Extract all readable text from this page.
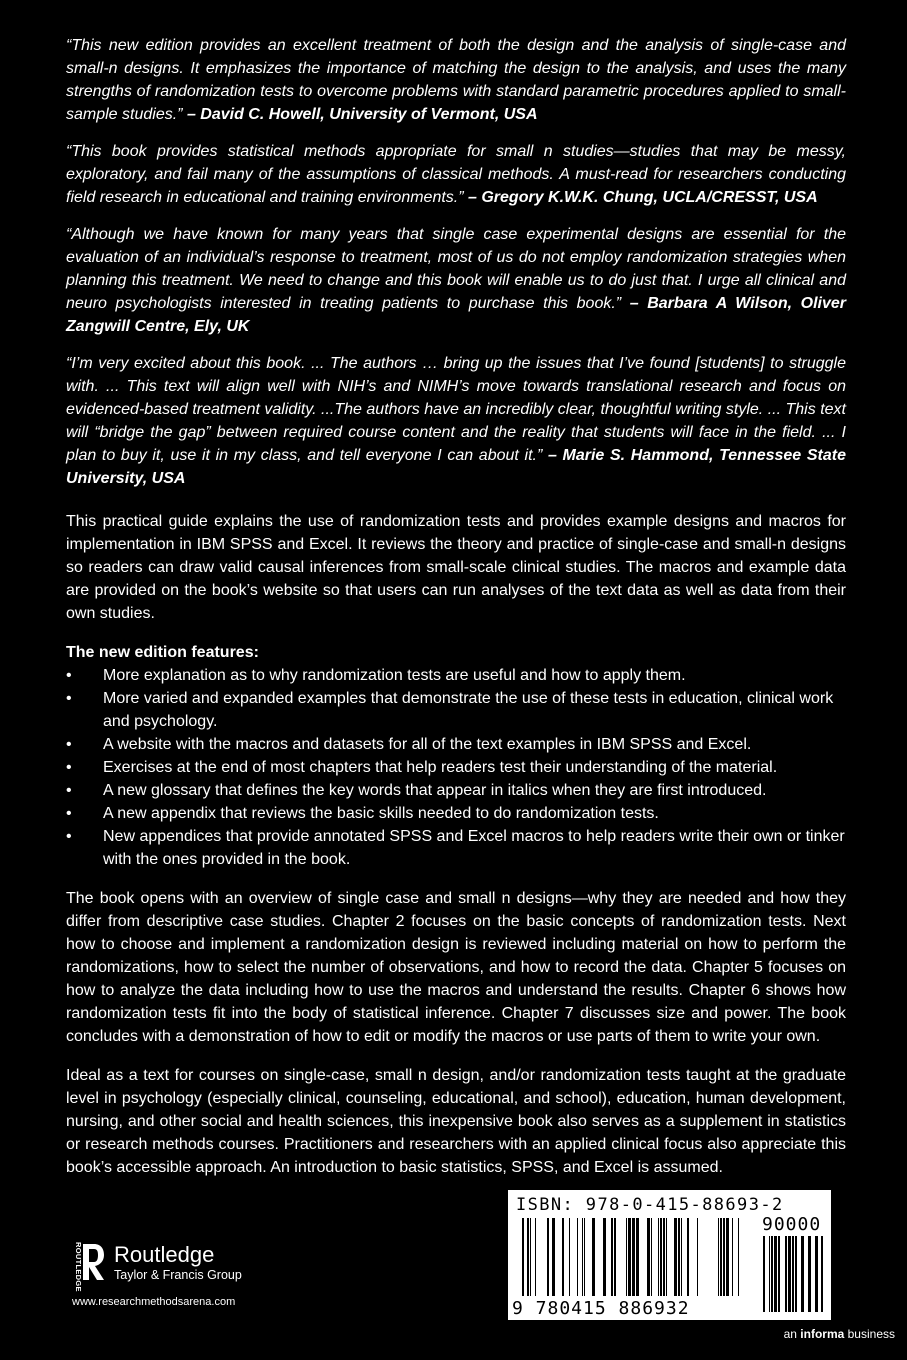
“This new edition provides an excellent treatment of both the design and the analysis of single-case and small-n designs. It emphasizes the importance of matching the design to the analysis, and uses the many strengths of randomization tests to overcome problems with standard parametric procedures applied to small-sample studies.” – David C. Howell, University of Vermont, USA

“This book provides statistical methods appropriate for small n studies—studies that may be messy, exploratory, and fail many of the assumptions of classical methods. A must-read for researchers conducting field research in educational and training environments.” – Gregory K.W.K. Chung, UCLA/CRESST, USA

“Although we have known for many years that single case experimental designs are essential for the evaluation of an individual’s response to treatment, most of us do not employ randomization strategies when planning this treatment. We need to change and this book will enable us to do just that. I urge all clinical and neuro psychologists interested in treating patients to purchase this book.” – Barbara A Wilson, Oliver Zangwill Centre, Ely, UK

“I’m very excited about this book. ... The authors … bring up the issues that I’ve found [students] to struggle with. ... This text will align well with NIH’s and NIMH’s move towards translational research and focus on evidenced-based treatment validity. ...The authors have an incredibly clear, thoughtful writing style. ... This text will “bridge the gap” between required course content and the reality that students will face in the field. ... I plan to buy it, use it in my class, and tell everyone I can about it.” – Marie S. Hammond, Tennessee State University, USA

This practical guide explains the use of randomization tests and provides example designs and macros for implementation in IBM SPSS and Excel. It reviews the theory and practice of single-case and small-n designs so readers can draw valid causal inferences from small-scale clinical studies. The macros and example data are provided on the book’s website so that users can run analyses of the text data as well as data from their own studies.

The new edition features:

• More explanation as to why randomization tests are useful and how to apply them.
• More varied and expanded examples that demonstrate the use of these tests in education, clinical work and psychology.
• A website with the macros and datasets for all of the text examples in IBM SPSS and Excel.
• Exercises at the end of most chapters that help readers test their understanding of the material.
• A new glossary that defines the key words that appear in italics when they are first introduced.
• A new appendix that reviews the basic skills needed to do randomization tests.
• New appendices that provide annotated SPSS and Excel macros to help readers write their own or tinker with the ones provided in the book.

The book opens with an overview of single case and small n designs—why they are needed and how they differ from descriptive case studies. Chapter 2 focuses on the basic concepts of randomization tests. Next how to choose and implement a randomization design is reviewed including material on how to perform the randomizations, how to select the number of observations, and how to record the data. Chapter 5 focuses on how to analyze the data including how to use the macros and understand the results. Chapter 6 shows how randomization tests fit into the body of statistical inference. Chapter 7 discusses size and power. The book concludes with a demonstration of how to edit or modify the macros or use parts of them to write your own.

Ideal as a text for courses on single-case, small n design, and/or randomization tests taught at the graduate level in psychology (especially clinical, counseling, educational, and school), education, human development, nursing, and other social and health sciences, this inexpensive book also serves as a supplement in statistics or research methods courses. Practitioners and researchers with an applied clinical focus also appreciate this book’s accessible approach. An introduction to basic statistics, SPSS, and Excel is assumed.

ROUTLEDGE Routledge
Taylor & Francis Group
www.researchmethodsarena.com
ISBN: 978-0-415-88693-2
90000
9 780415 886932
an informa business
